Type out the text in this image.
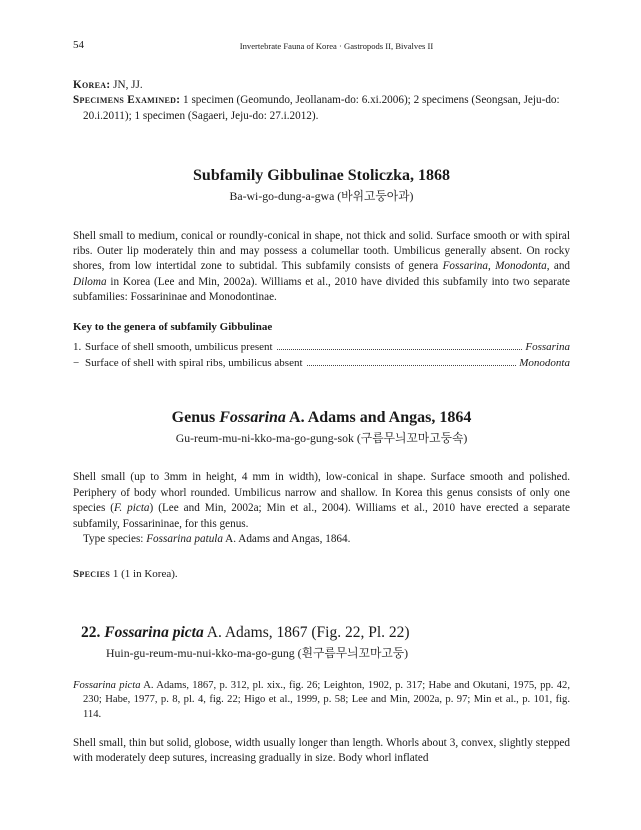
54	Invertebrate Fauna of Korea · Gastropods II, Bivalves II

Korea: JN, JJ.

Specimens Examined: 1 specimen (Geomundo, Jeollanam-do: 6.xi.2006); 2 specimens (Seongsan, Jeju-do: 20.i.2011); 1 specimen (Sagaeri, Jeju-do: 27.i.2012).

Subfamily Gibbulinae Stoliczka, 1868
Ba-wi-go-dung-a-gwa (바위고둥아과)

Shell small to medium, conical or roundly-conical in shape, not thick and solid. Surface smooth or with spiral ribs. Outer lip moderately thin and may possess a columellar tooth. Umbilicus generally absent. On rocky shores, from low intertidal zone to subtidal. This subfamily consists of genera Fossarina, Monodonta, and Diloma in Korea (Lee and Min, 2002a). Williams et al., 2010 have divided this subfamily into two separate subfamilies: Fossarininae and Monodontinae.

Key to the genera of subfamily Gibbulinae
1. Surface of shell smooth, umbilicus present	Fossarina
− Surface of shell with spiral ribs, umbilicus absent	Monodonta
Genus Fossarina A. Adams and Angas, 1864
Gu-reum-mu-ni-kko-ma-go-gung-sok (구름무늬꼬마고둥속)

Shell small (up to 3mm in height, 4 mm in width), low-conical in shape. Surface smooth and polished. Periphery of body whorl rounded. Umbilicus narrow and shallow. In Korea this genus consists of only one species (F. picta) (Lee and Min, 2002a; Min et al., 2004). Williams et al., 2010 have erected a separate subfamily, Fossarininae, for this genus.

Type species: Fossarina patula A. Adams and Angas, 1864.

Species 1 (1 in Korea).

22. Fossarina picta A. Adams, 1867 (Fig. 22, Pl. 22)
Huin-gu-reum-mu-nui-kko-ma-go-gung (흰구름무늬꼬마고둥)

Fossarina picta A. Adams, 1867, p. 312, pl. xix., fig. 26; Leighton, 1902, p. 317; Habe and Okutani, 1975, pp. 42, 230; Habe, 1977, p. 8, pl. 4, fig. 22; Higo et al., 1999, p. 58; Lee and Min, 2002a, p. 97; Min et al., p. 101, fig. 114.

Shell small, thin but solid, globose, width usually longer than length. Whorls about 3, convex, slightly stepped with moderately deep sutures, increasing gradually in size. Body whorl inflated
